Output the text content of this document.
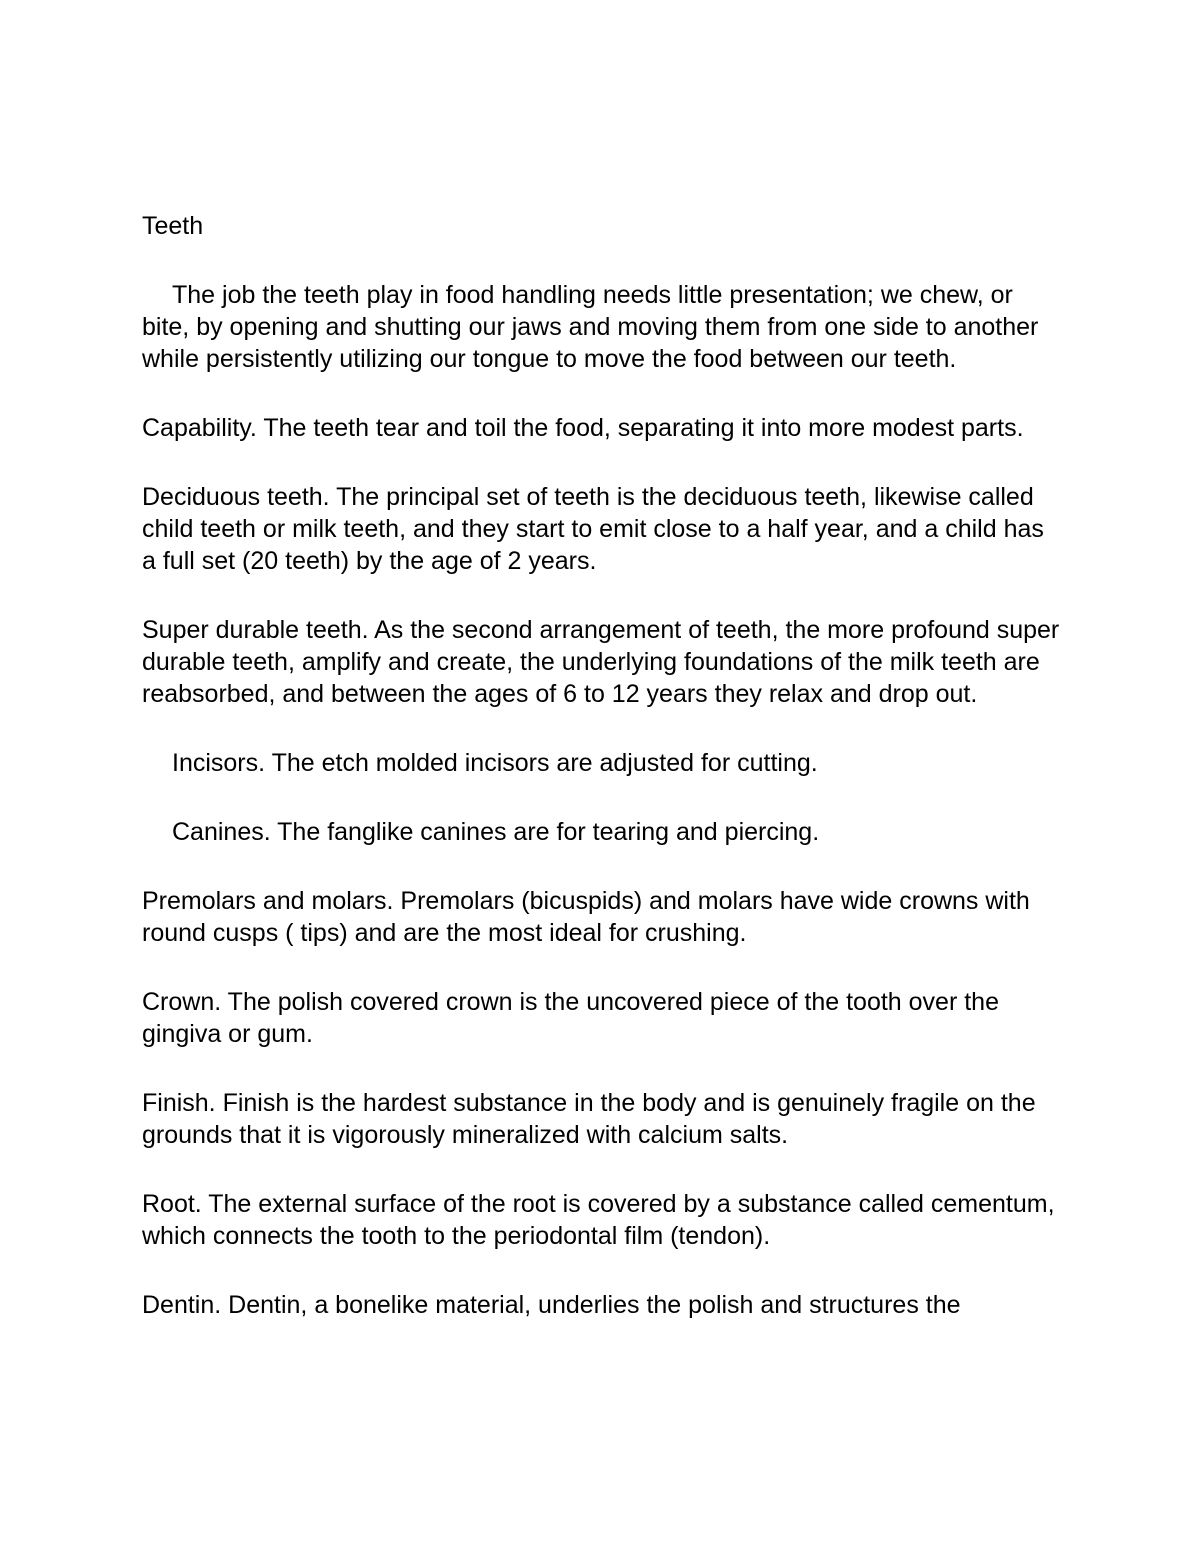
Teeth

The job the teeth play in food handling needs little presentation; we chew, or bite, by opening and shutting our jaws and moving them from one side to another while persistently utilizing our tongue to move the food between our teeth.

Capability. The teeth tear and toil the food, separating it into more modest parts.

Deciduous teeth. The principal set of teeth is the deciduous teeth, likewise called child teeth or milk teeth, and they start to emit close to a half year, and a child has a full set (20 teeth) by the age of 2 years.

Super durable teeth. As the second arrangement of teeth, the more profound super durable teeth, amplify and create, the underlying foundations of the milk teeth are reabsorbed, and between the ages of 6 to 12 years they relax and drop out.

Incisors. The etch molded incisors are adjusted for cutting.

Canines. The fanglike canines are for tearing and piercing.

Premolars and molars. Premolars (bicuspids) and molars have wide crowns with round cusps ( tips) and are the most ideal for crushing.

Crown. The polish covered crown is the uncovered piece of the tooth over the gingiva or gum.

Finish. Finish is the hardest substance in the body and is genuinely fragile on the grounds that it is vigorously mineralized with calcium salts.

Root. The external surface of the root is covered by a substance called cementum, which connects the tooth to the periodontal film (tendon).

Dentin. Dentin, a bonelike material, underlies the polish and structures the
